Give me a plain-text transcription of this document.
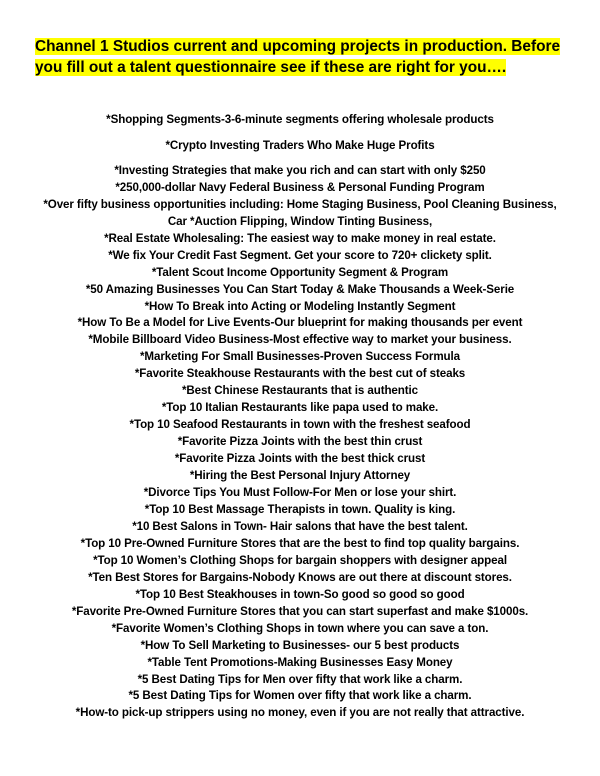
Channel 1 Studios current and upcoming projects in production. Before you fill out a talent questionnaire see if these are right for you….
*Shopping Segments-3-6-minute segments offering wholesale products
*Crypto Investing Traders Who Make Huge Profits
*Investing Strategies that make you rich and can start with only $250
*250,000-dollar Navy Federal Business & Personal Funding Program
*Over fifty business opportunities including: Home Staging Business, Pool Cleaning Business,
Car *Auction Flipping, Window Tinting Business,
*Real Estate Wholesaling: The easiest way to make money in real estate.
*We fix Your Credit Fast Segment. Get your score to 720+ clickety split.
*Talent Scout Income Opportunity Segment & Program
*50 Amazing Businesses You Can Start Today & Make Thousands a Week-Serie
*How To Break into Acting or Modeling Instantly Segment
*How To Be a Model for Live Events-Our blueprint for making thousands per event
*Mobile Billboard Video Business-Most effective way to market your business.
*Marketing For Small Businesses-Proven Success Formula
*Favorite Steakhouse Restaurants with the best cut of steaks
*Best Chinese Restaurants that is authentic
*Top 10 Italian Restaurants like papa used to make.
*Top 10 Seafood Restaurants in town with the freshest seafood
*Favorite Pizza Joints with the best thin crust
*Favorite Pizza Joints with the best thick crust
*Hiring the Best Personal Injury Attorney
*Divorce Tips You Must Follow-For Men or lose your shirt.
*Top 10 Best Massage Therapists in town. Quality is king.
*10 Best Salons in Town- Hair salons that have the best talent.
*Top 10 Pre-Owned Furniture Stores that are the best to find top quality bargains.
*Top 10 Women’s Clothing Shops for bargain shoppers with designer appeal
*Ten Best Stores for Bargains-Nobody Knows are out there at discount stores.
*Top 10 Best Steakhouses in town-So good so good so good
*Favorite Pre-Owned Furniture Stores that you can start superfast and make $1000s.
*Favorite Women’s Clothing Shops in town where you can save a ton.
*How To Sell Marketing to Businesses- our 5 best products
*Table Tent Promotions-Making Businesses Easy Money
*5 Best Dating Tips for Men over fifty that work like a charm.
*5 Best Dating Tips for Women over fifty that work like a charm.
*How-to pick-up strippers using no money, even if you are not really that attractive.
